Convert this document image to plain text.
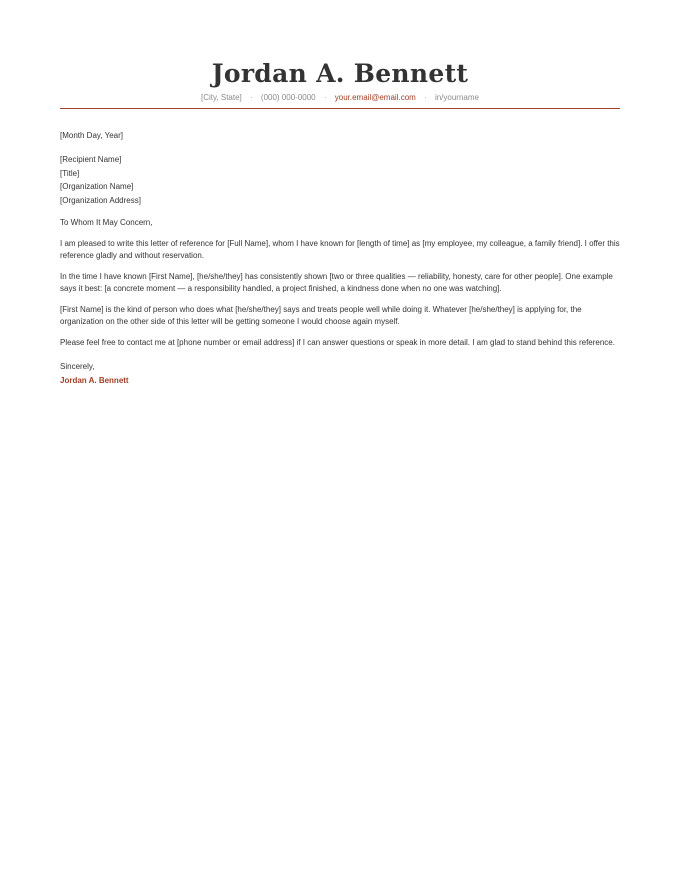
Jordan A. Bennett
[City, State] · (000) 000-0000 · your.email@email.com · in/yourname

[Month Day, Year]

[Recipient Name]
[Title]
[Organization Name]
[Organization Address]

To Whom It May Concern,

I am pleased to write this letter of reference for [Full Name], whom I have known for [length of time] as [my employee, my colleague, a family friend]. I offer this reference gladly and without reservation.

In the time I have known [First Name], [he/she/they] has consistently shown [two or three qualities — reliability, honesty, care for other people]. One example says it best: [a concrete moment — a responsibility handled, a project finished, a kindness done when no one was watching].

[First Name] is the kind of person who does what [he/she/they] says and treats people well while doing it. Whatever [he/she/they] is applying for, the organization on the other side of this letter will be getting someone I would choose again myself.

Please feel free to contact me at [phone number or email address] if I can answer questions or speak in more detail. I am glad to stand behind this reference.

Sincerely,

Jordan A. Bennett
